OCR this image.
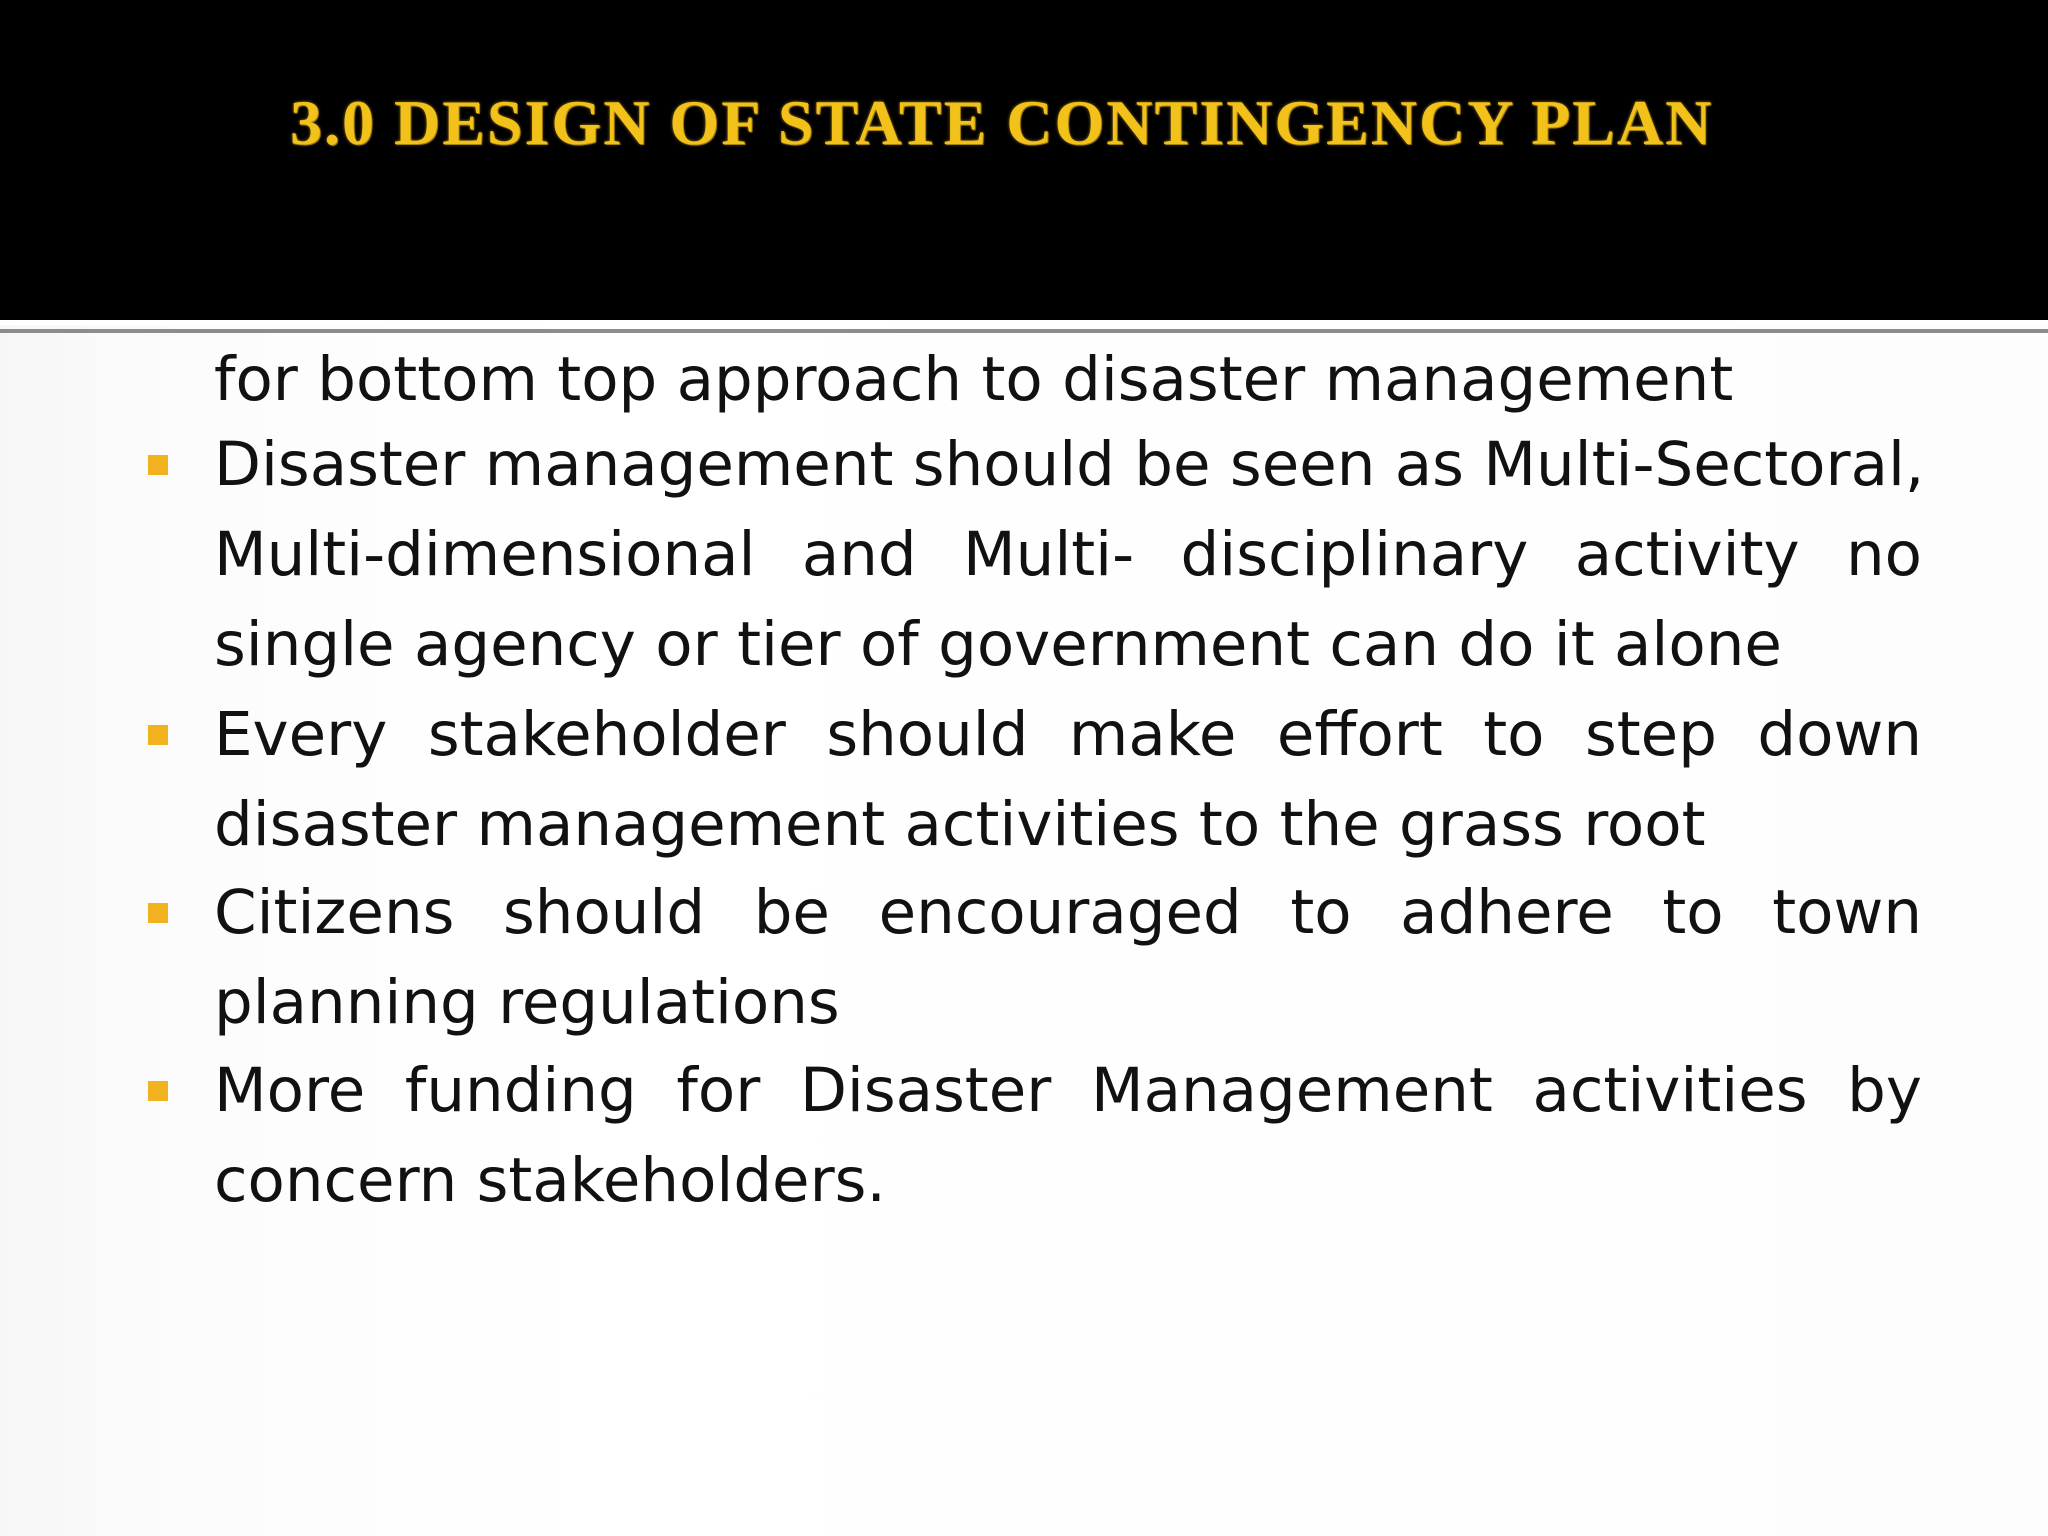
3.0 DESIGN OF STATE CONTINGENCY PLAN

for bottom top approach to disaster management

Disaster management should be seen as Multi-Sectoral,

Multi-dimensional and Multi- disciplinary activity no

single agency or tier of government can do it alone

Every stakeholder should make effort to step down

disaster management activities to the grass root

Citizens should be encouraged to adhere to town

planning regulations

More funding for Disaster Management activities by

concern stakeholders.
